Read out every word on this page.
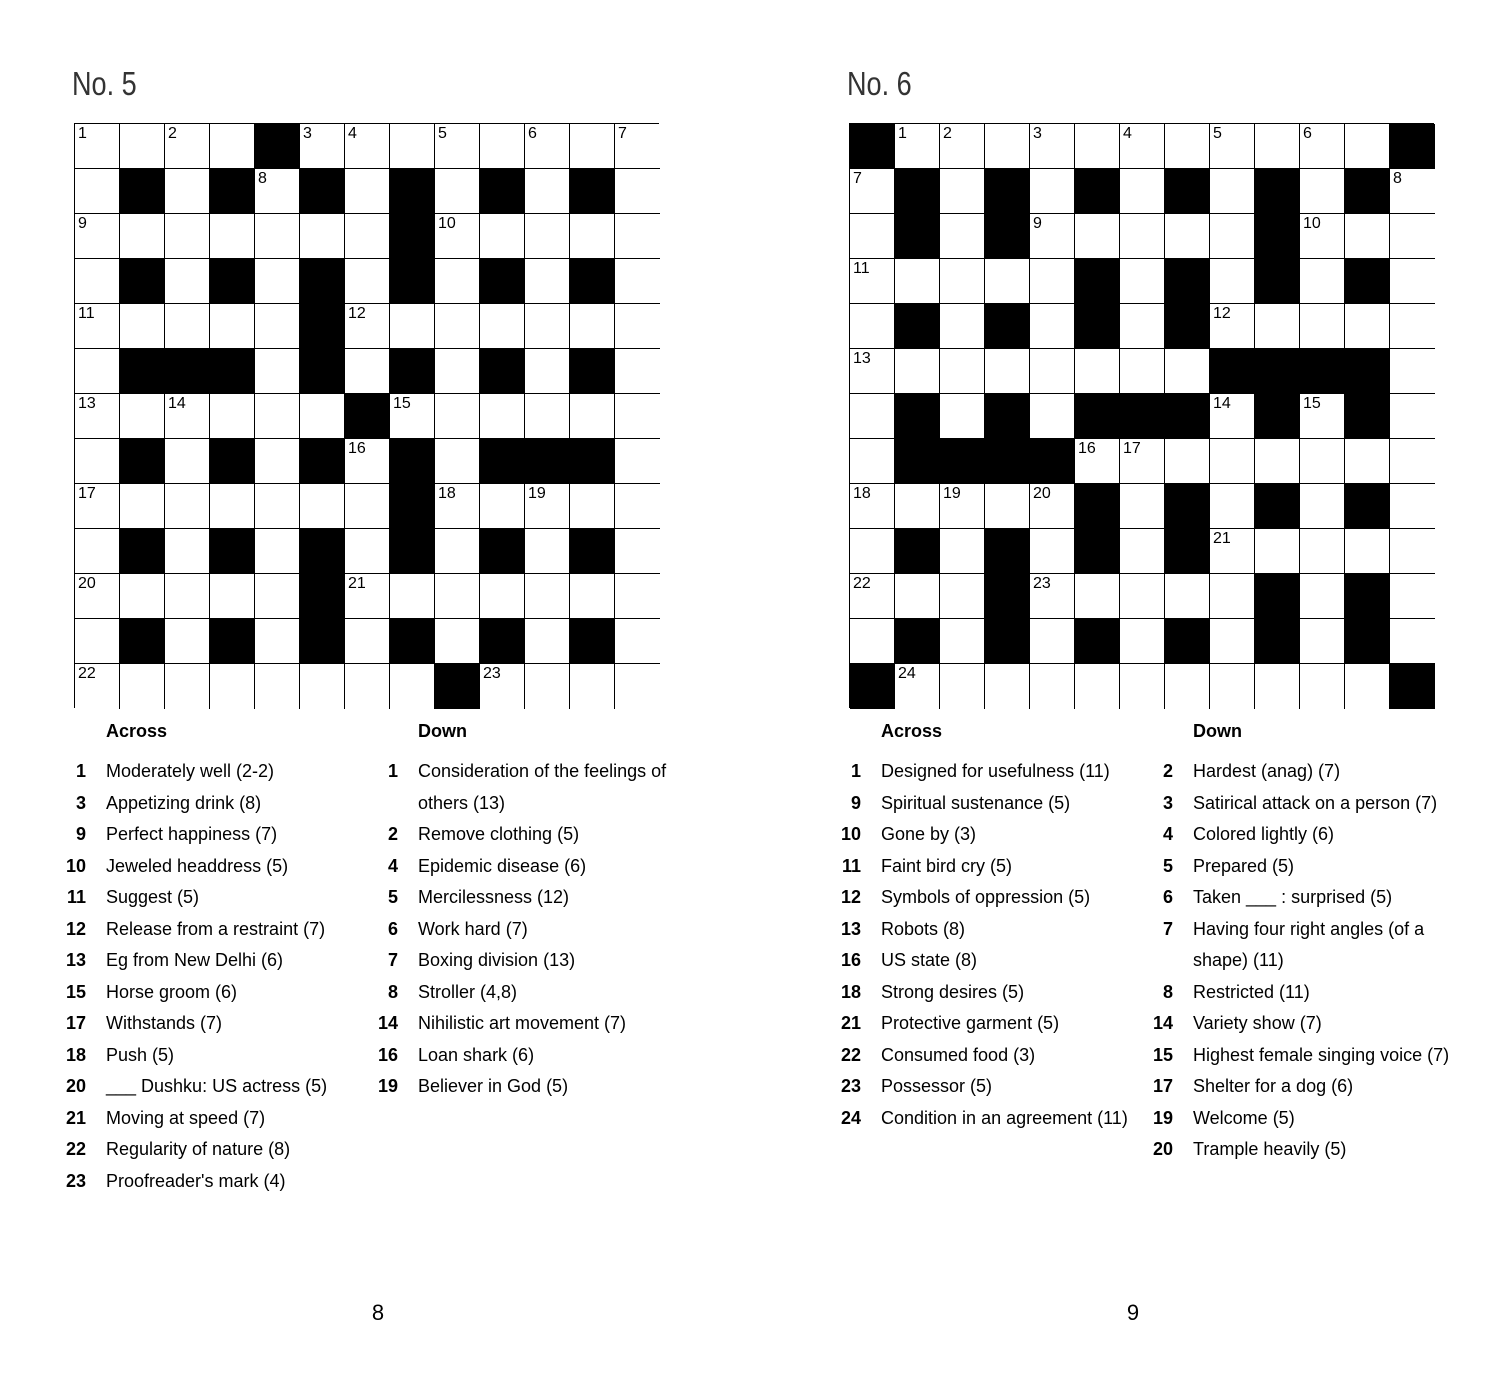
No. 5
1	2	3 4	5	6	7
8
9	10
11	12
13	14	15
16
17	18	19
20	21
22	23
Across
1 Moderately well (2-2)
3 Appetizing drink (8)
9 Perfect happiness (7)
10 Jeweled headdress (5)
11 Suggest (5)
12 Release from a restraint (7)
13 Eg from New Delhi (6)
15 Horse groom (6)
17 Withstands (7)
18 Push (5)
20 ___ Dushku: US actress (5)
21 Moving at speed (7)
22 Regularity of nature (8)
23 Proofreader's mark (4)
Down
1 Consideration of the feelings of others (13)
2 Remove clothing (5)
4 Epidemic disease (6)
5 Mercilessness (12)
6 Work hard (7)
7 Boxing division (13)
8 Stroller (4,8)
14 Nihilistic art movement (7)
16 Loan shark (6)
19 Believer in God (5)
No. 6
1 2	3	4	5	6
7	8
9	10
11
12
13
14	15
16 17
18	19	20
21
22	23
24
Across
1 Designed for usefulness (11)
9 Spiritual sustenance (5)
10 Gone by (3)
11 Faint bird cry (5)
12 Symbols of oppression (5)
13 Robots (8)
16 US state (8)
18 Strong desires (5)
21 Protective garment (5)
22 Consumed food (3)
23 Possessor (5)
24 Condition in an agreement (11)
Down
2 Hardest (anag) (7)
3 Satirical attack on a person (7)
4 Colored lightly (6)
5 Prepared (5)
6 Taken ___ : surprised (5)
7 Having four right angles (of a shape) (11)
8 Restricted (11)
14 Variety show (7)
15 Highest female singing voice (7)
17 Shelter for a dog (6)
19 Welcome (5)
20 Trample heavily (5)
8	9
